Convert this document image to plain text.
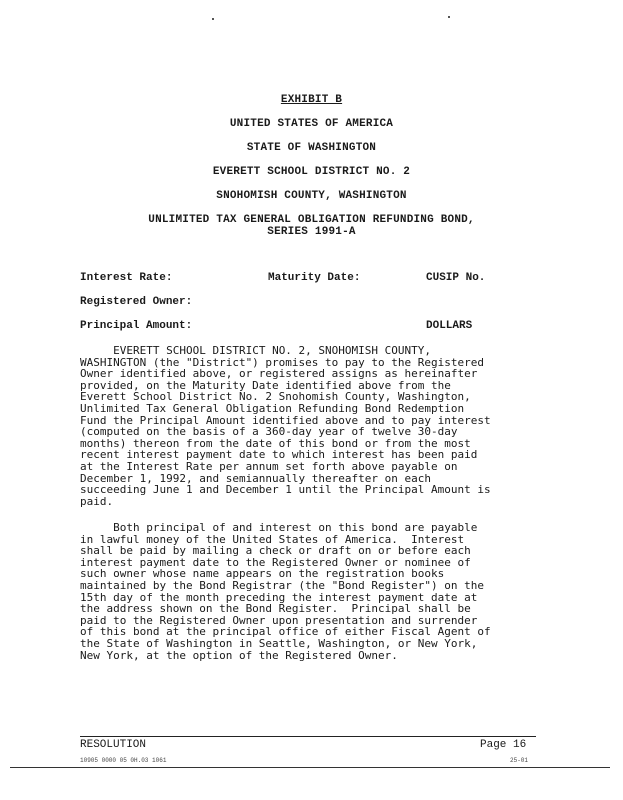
EXHIBIT B
UNITED STATES OF AMERICA
STATE OF WASHINGTON
EVERETT SCHOOL DISTRICT NO. 2
SNOHOMISH COUNTY, WASHINGTON
UNLIMITED TAX GENERAL OBLIGATION REFUNDING BOND,
SERIES 1991-A
Interest Rate:	Maturity Date:	CUSIP No.
Registered Owner:
Principal Amount:	DOLLARS
EVERETT SCHOOL DISTRICT NO. 2, SNOHOMISH COUNTY,
WASHINGTON (the "District") promises to pay to the Registered
Owner identified above, or registered assigns as hereinafter
provided, on the Maturity Date identified above from the
Everett School District No. 2 Snohomish County, Washington,
Unlimited Tax General Obligation Refunding Bond Redemption
Fund the Principal Amount identified above and to pay interest
(computed on the basis of a 360-day year of twelve 30-day
months) thereon from the date of this bond or from the most
recent interest payment date to which interest has been paid
at the Interest Rate per annum set forth above payable on
December 1, 1992, and semiannually thereafter on each
succeeding June 1 and December 1 until the Principal Amount is
paid.
Both principal of and interest on this bond are payable
in lawful money of the United States of America.  Interest
shall be paid by mailing a check or draft on or before each
interest payment date to the Registered Owner or nominee of
such owner whose name appears on the registration books
maintained by the Bond Registrar (the "Bond Register") on the
15th day of the month preceding the interest payment date at
the address shown on the Bond Register.  Principal shall be
paid to the Registered Owner upon presentation and surrender
of this bond at the principal office of either Fiscal Agent of
the State of Washington in Seattle, Washington, or New York,
New York, at the option of the Registered Owner.
RESOLUTION	Page 16
10905 0000 05 0H.03 1061	25-01
